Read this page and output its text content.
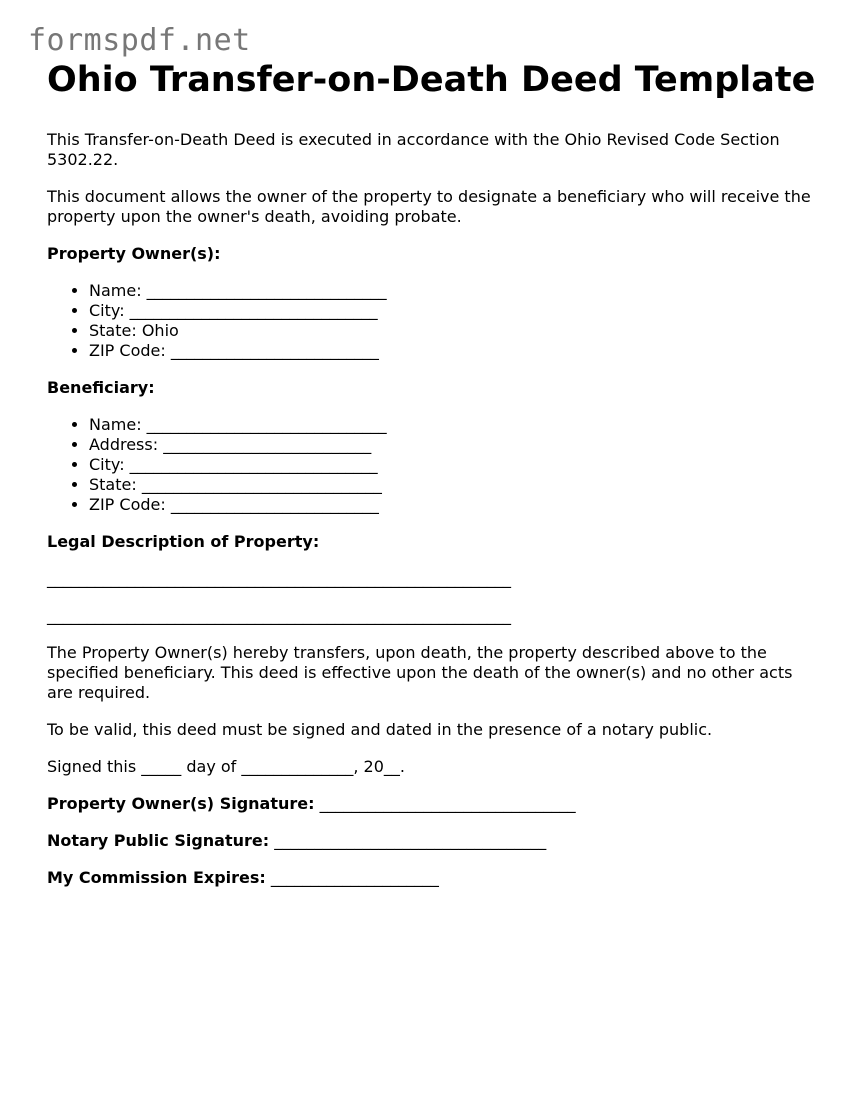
formspdf.net
Ohio Transfer-on-Death Deed Template

This Transfer-on-Death Deed is executed in accordance with the Ohio Revised Code Section 5302.22.

This document allows the owner of the property to designate a beneficiary who will receive the property upon the owner's death, avoiding probate.

Property Owner(s):
• Name: ______________________________
• City: _______________________________
• State: Ohio
• ZIP Code: __________________________
Beneficiary:
• Name: ______________________________
• Address: __________________________
• City: _______________________________
• State: ______________________________
• ZIP Code: __________________________
Legal Description of Property:
__________________________________________________________
__________________________________________________________

The Property Owner(s) hereby transfers, upon death, the property described above to the specified beneficiary. This deed is effective upon the death of the owner(s) and no other acts are required.

To be valid, this deed must be signed and dated in the presence of a notary public.

Signed this _____ day of ______________, 20__.

Property Owner(s) Signature: ________________________________

Notary Public Signature: __________________________________

My Commission Expires: _____________________
